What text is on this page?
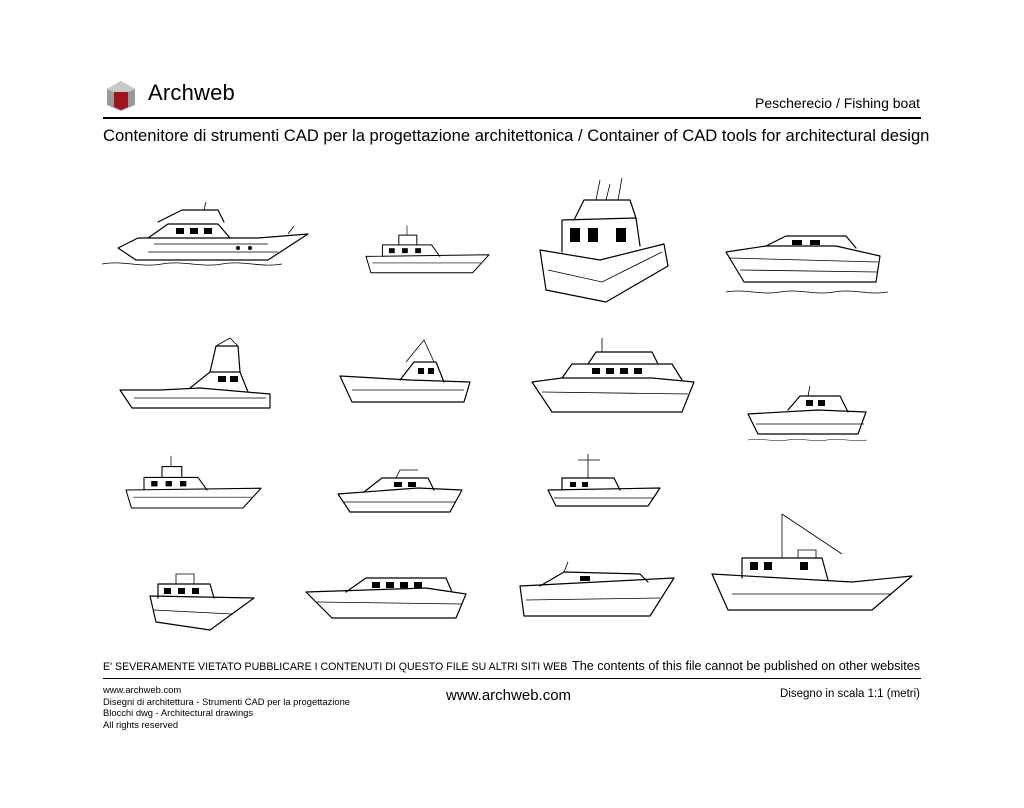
Archweb	Pescherecio / Fishing boat
Contenitore di strumenti CAD per la progettazione architettonica / Container of CAD tools for architectural design
E' SEVERAMENTE VIETATO PUBBLICARE I CONTENUTI DI QUESTO FILE SU ALTRI SITI WEB The contents of this file cannot be published on other websites
www.archweb.com
Disegni di architettura - Strumenti CAD per la progettazione
Blocchi dwg - Architectural drawings
All rights reserved
www.archweb.com	Disegno in scala 1:1 (metri)
